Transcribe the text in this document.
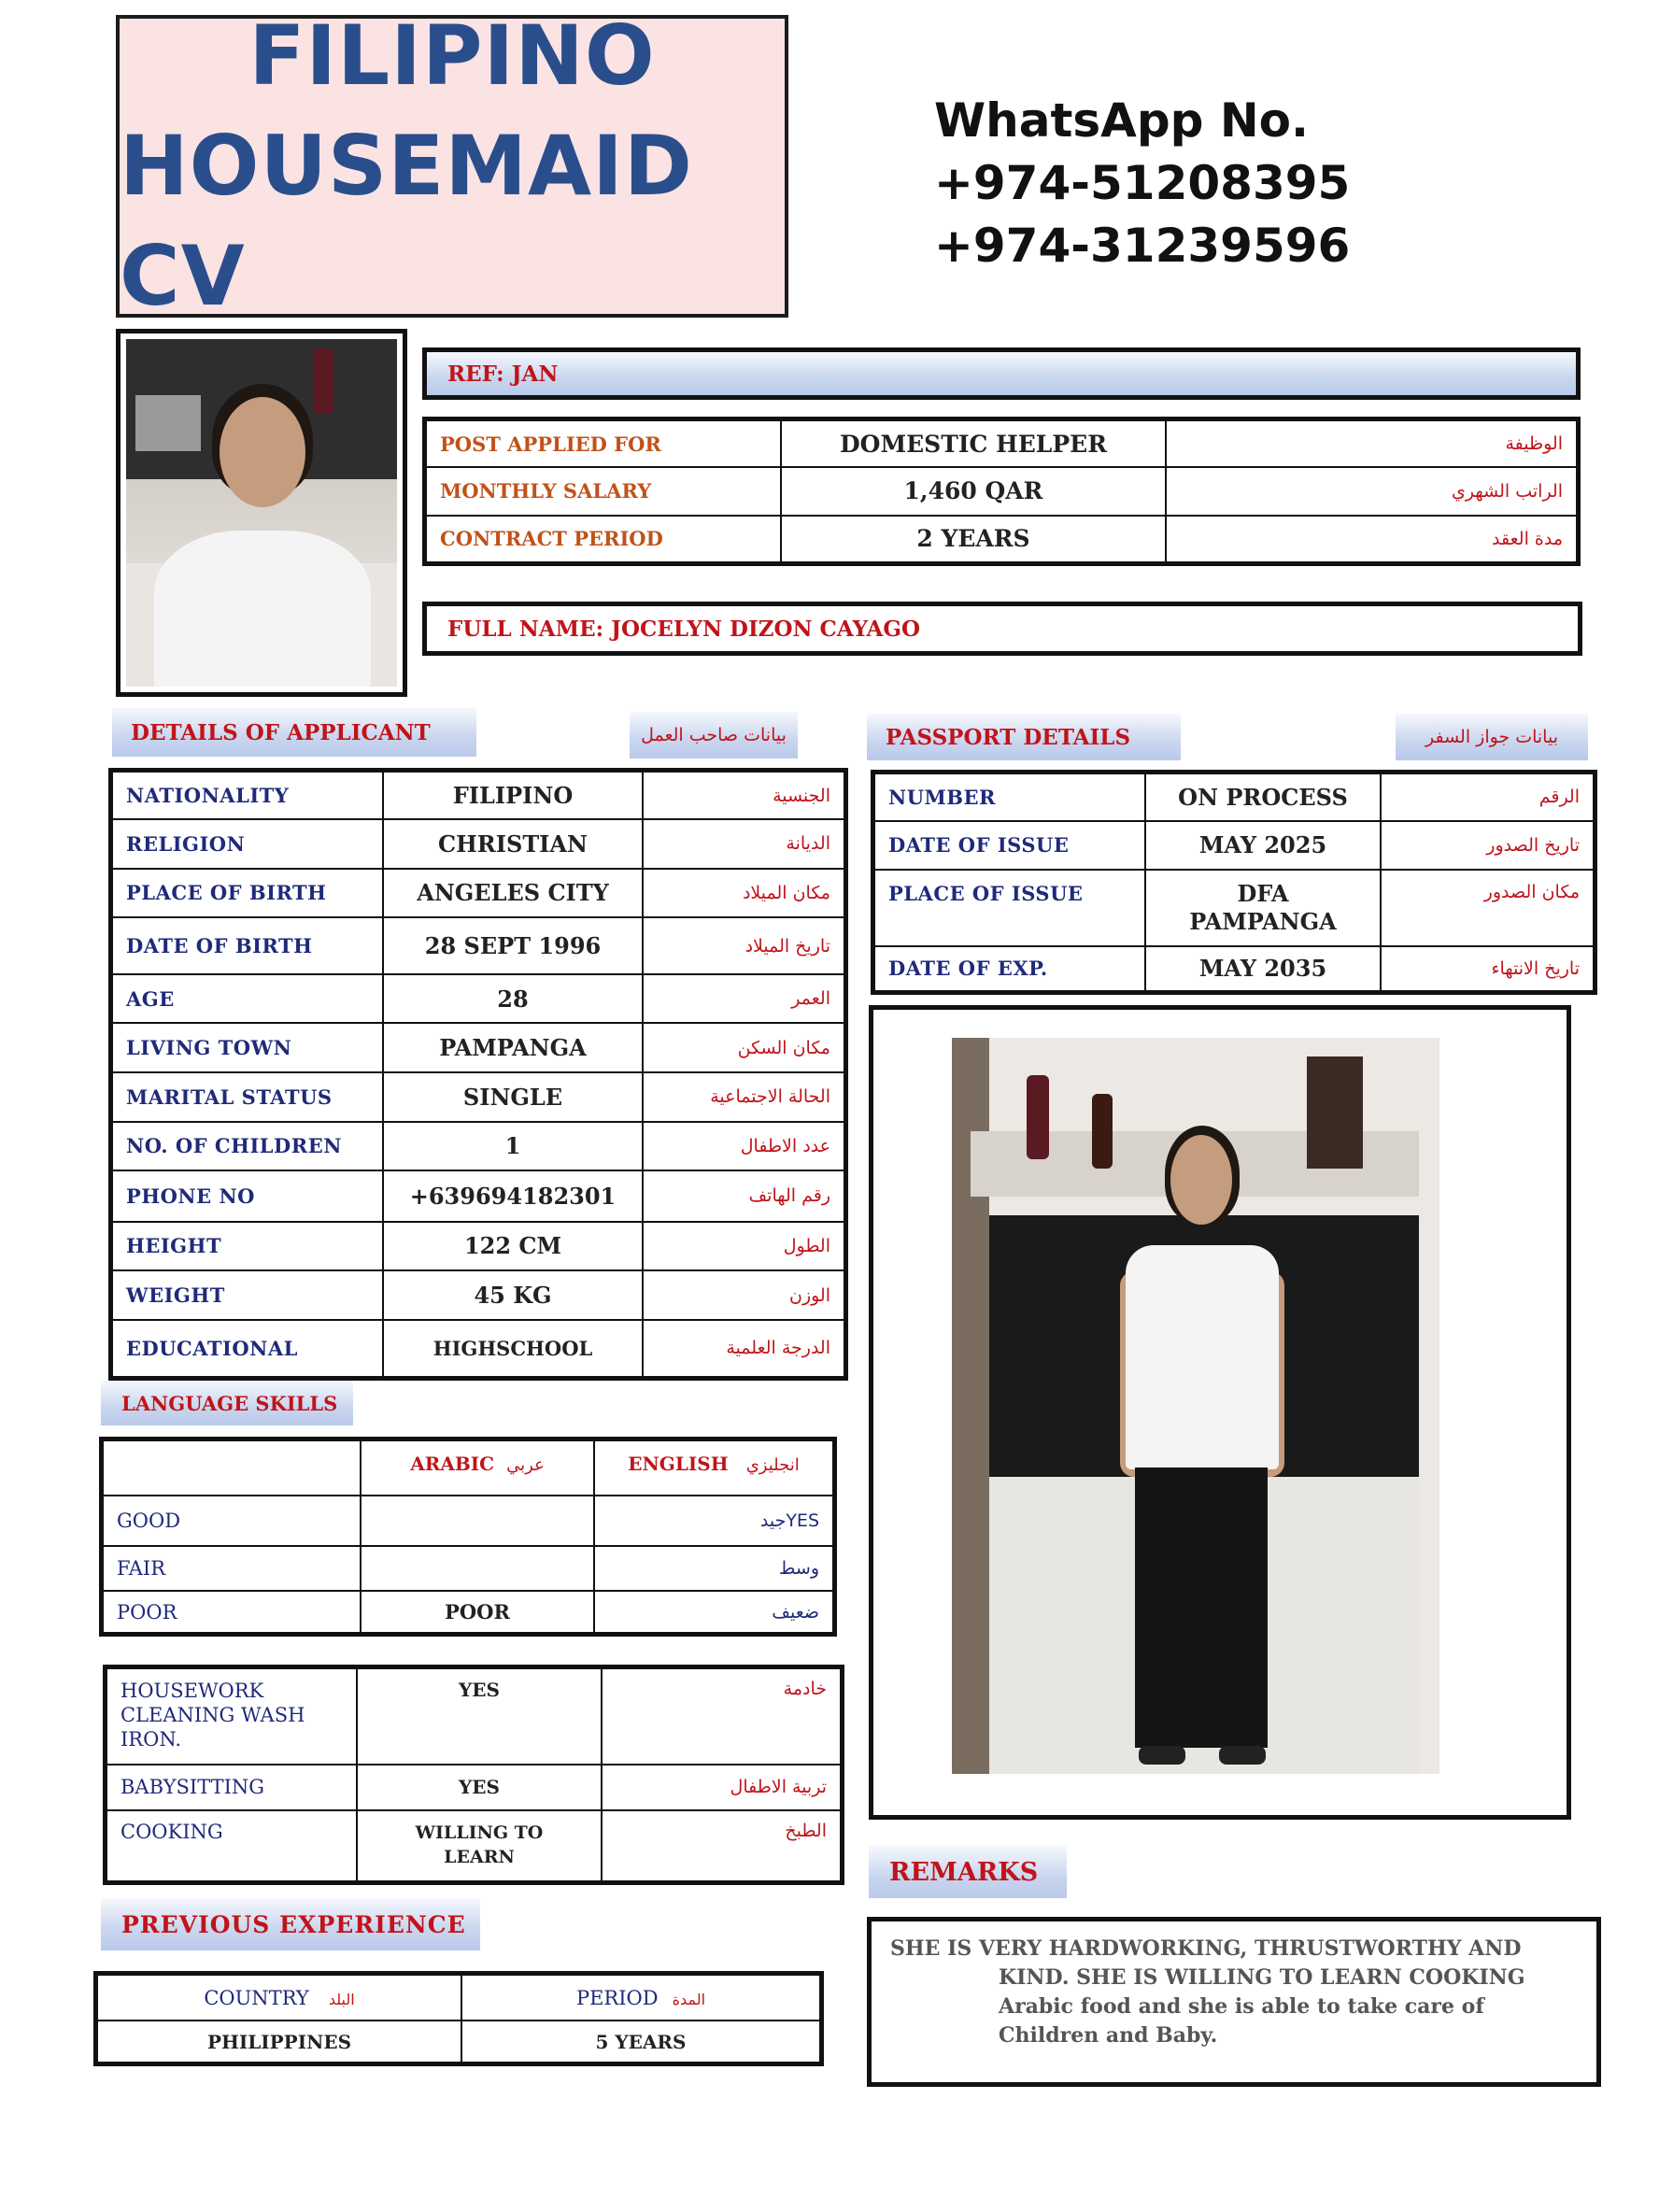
FILIPINO
HOUSEMAID CV
WhatsApp No.
+974-51208395
+974-31239596
REF: JAN
POST APPLIED FOR	DOMESTIC HELPER	الوظيفة
MONTHLY SALARY	1,460 QAR	الراتب الشهري
CONTRACT PERIOD	2 YEARS	مدة العقد
FULL NAME: JOCELYN DIZON CAYAGO
DETAILS OF APPLICANT	بيانات صاحب العمل
NATIONALITY	FILIPINO	الجنسية
RELIGION	CHRISTIAN	الديانة
PLACE OF BIRTH	ANGELES CITY	مكان الميلاد
DATE OF BIRTH	28 SEPT 1996	تاريخ الميلاد
AGE	28	العمر
LIVING TOWN	PAMPANGA	مكان السكن
MARITAL STATUS	SINGLE	الحالة الاجتماعية
NO. OF CHILDREN	1	عدد الاطفال
PHONE NO	+639694182301	رقم الهاتف
HEIGHT	122 CM	الطول
WEIGHT	45 KG	الوزن
EDUCATIONAL	HIGHSCHOOL	الدرجة العلمية
PASSPORT DETAILS	بيانات جواز السفر
NUMBER	ON PROCESS	الرقم
DATE OF ISSUE	MAY 2025	تاريخ الصدور
PLACE OF ISSUE	DFA PAMPANGA	مكان الصدور
DATE OF EXP.	MAY 2035	تاريخ الانتهاء
LANGUAGE SKILLS
	ARABIC عربي	ENGLISH انجليزي
GOOD		جيدYES
FAIR		وسط
POOR	POOR	ضعيف
HOUSEWORK CLEANING WASH IRON.	YES	خادمة
BABYSITTING	YES	تربية الاطفال
COOKING	WILLING TO LEARN	الطبخ
PREVIOUS EXPERIENCE
COUNTRY البلد	PERIOD المدة
PHILIPPINES	5 YEARS
REMARKS
SHE IS VERY HARDWORKING, THRUSTWORTHY AND
KIND. SHE IS WILLING TO LEARN COOKING
Arabic food and she is able to take care of
Children and Baby.
